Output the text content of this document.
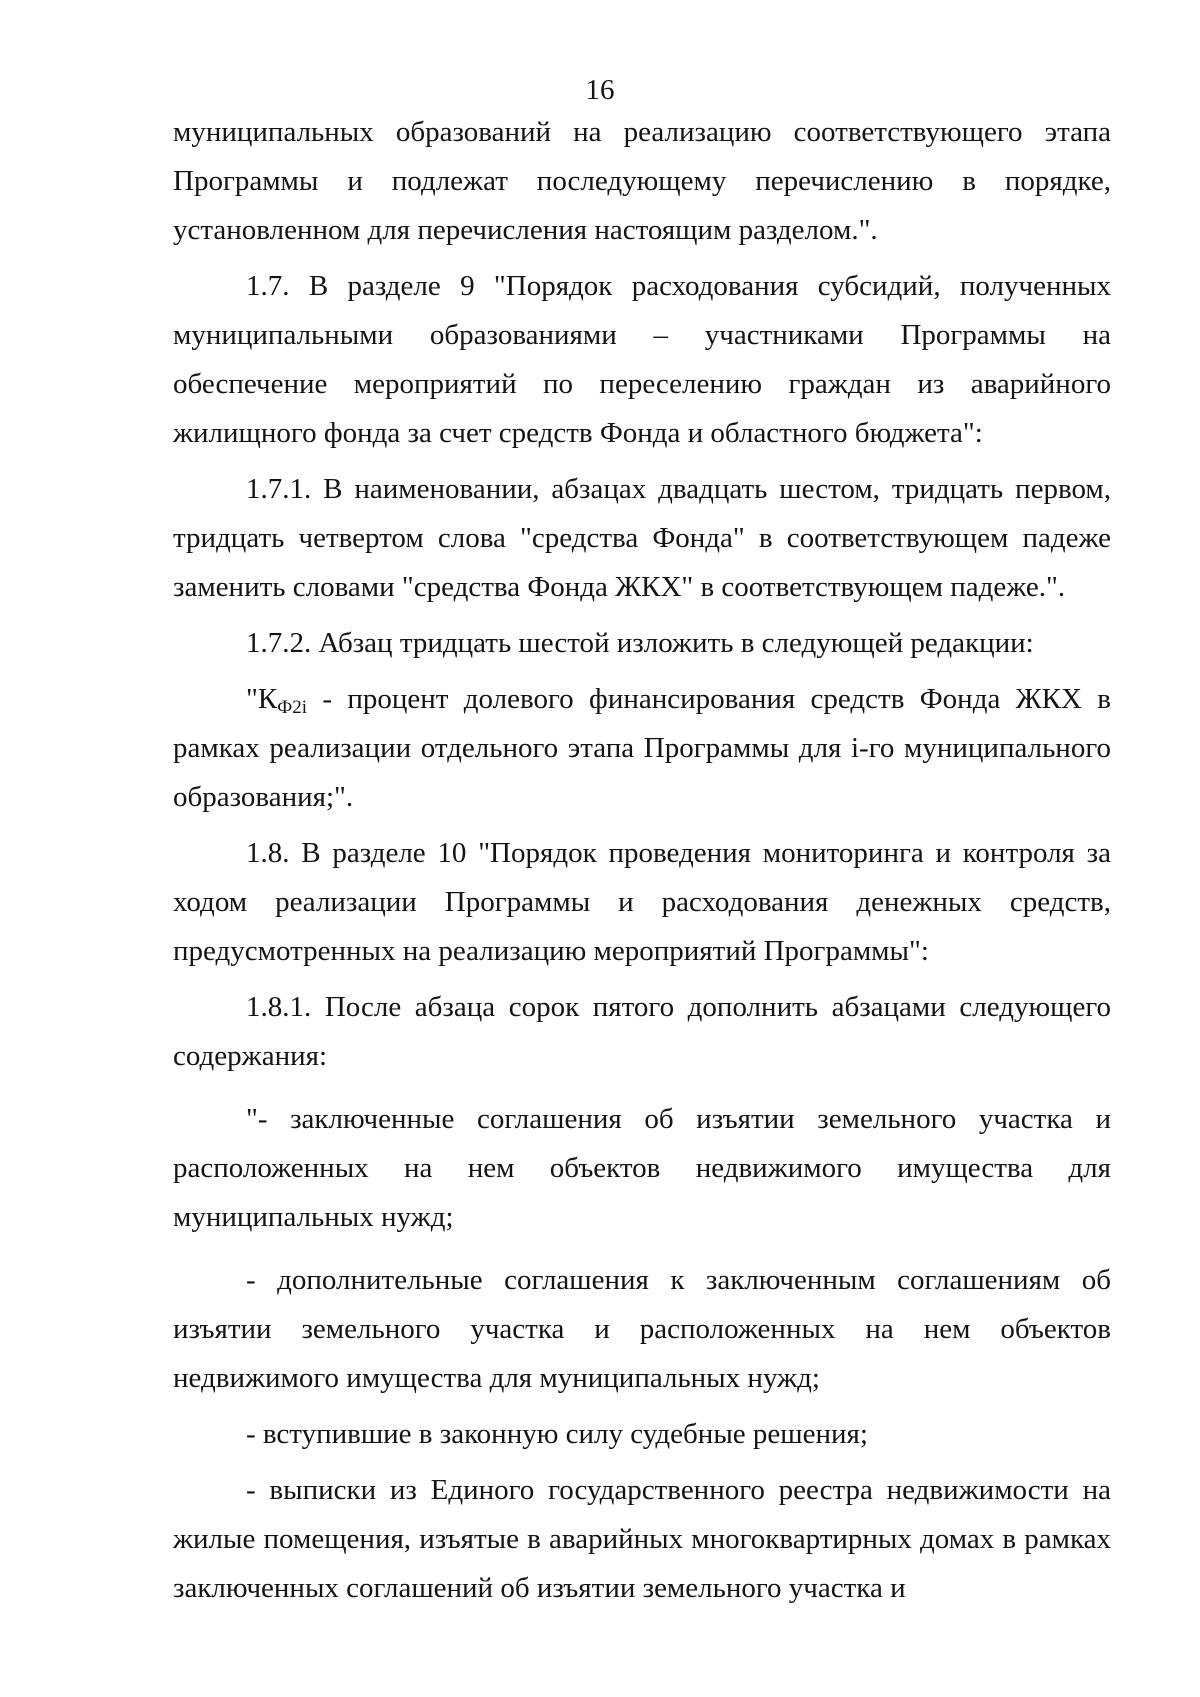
16

муниципальных образований на реализацию соответствующего этапа Программы и подлежат последующему перечислению в порядке, установленном для перечисления настоящим разделом.".

1.7. В разделе 9 "Порядок расходования субсидий, полученных муниципальными образованиями – участниками Программы на обеспечение мероприятий по переселению граждан из аварийного жилищного фонда за счет средств Фонда и областного бюджета":

1.7.1. В наименовании, абзацах двадцать шестом, тридцать первом, тридцать четвертом слова "средства Фонда" в соответствующем падеже заменить словами "средства Фонда ЖКХ" в соответствующем падеже.".

1.7.2. Абзац тридцать шестой изложить в следующей редакции:

"$К_{Ф2i}$ - процент долевого финансирования средств Фонда ЖКХ в рамках реализации отдельного этапа Программы для i-го муниципального образования;".

1.8. В разделе 10 "Порядок проведения мониторинга и контроля за ходом реализации Программы и расходования денежных средств, предусмотренных на реализацию мероприятий Программы":

1.8.1. После абзаца сорок пятого дополнить абзацами следующего содержания:

"- заключенные соглашения об изъятии земельного участка и расположенных на нем объектов недвижимого имущества для муниципальных нужд;

- дополнительные соглашения к заключенным соглашениям об изъятии земельного участка и расположенных на нем объектов недвижимого имущества для муниципальных нужд;

- вступившие в законную силу судебные решения;

- выписки из Единого государственного реестра недвижимости на жилые помещения, изъятые в аварийных многоквартирных домах в рамках заключенных соглашений об изъятии земельного участка и
